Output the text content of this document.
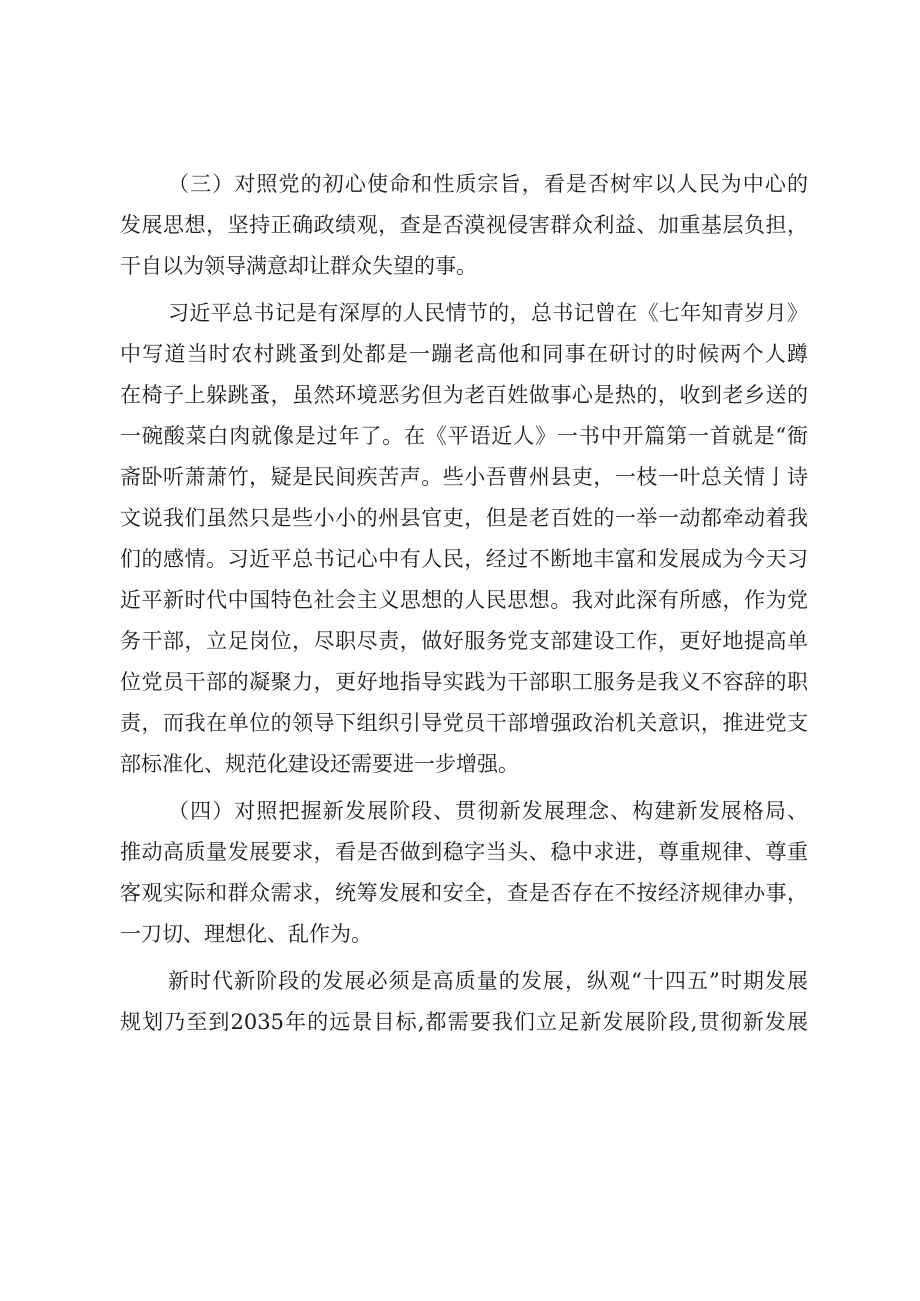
（三）对照党的初心使命和性质宗旨，看是否树牢以人民为中心的
发展思想，坚持正确政绩观，查是否漠视侵害群众利益、加重基层负担，
干自以为领导满意却让群众失望的事。
习近平总书记是有深厚的人民情节的，总书记曾在《七年知青岁月》
中写道当时农村跳蚤到处都是一蹦老高他和同事在研讨的时候两个人蹲
在椅子上躲跳蚤，虽然环境恶劣但为老百姓做事心是热的，收到老乡送的
一碗酸菜白肉就像是过年了。在《平语近人》一书中开篇第一首就是“衙
斋卧听萧萧竹，疑是民间疾苦声。些小吾曹州县吏，一枝一叶总关情亅诗
文说我们虽然只是些小小的州县官吏，但是老百姓的一举一动都牵动着我
们的感情。习近平总书记心中有人民，经过不断地丰富和发展成为今天习
近平新时代中国特色社会主义思想的人民思想。我对此深有所感，作为党
务干部，立足岗位，尽职尽责，做好服务党支部建设工作，更好地提高单
位党员干部的凝聚力，更好地指导实践为干部职工服务是我义不容辞的职
责，而我在单位的领导下组织引导党员干部增强政治机关意识，推进党支
部标准化、规范化建设还需要进一步增强。
（四）对照把握新发展阶段、贯彻新发展理念、构建新发展格局、
推动高质量发展要求，看是否做到稳字当头、稳中求进，尊重规律、尊重
客观实际和群众需求，统筹发展和安全，查是否存在不按经济规律办事，
一刀切、理想化、乱作为。
新时代新阶段的发展必须是高质量的发展，纵观“十四五”时期发展
规划乃至到2035年的远景目标,都需要我们立足新发展阶段,贯彻新发展
